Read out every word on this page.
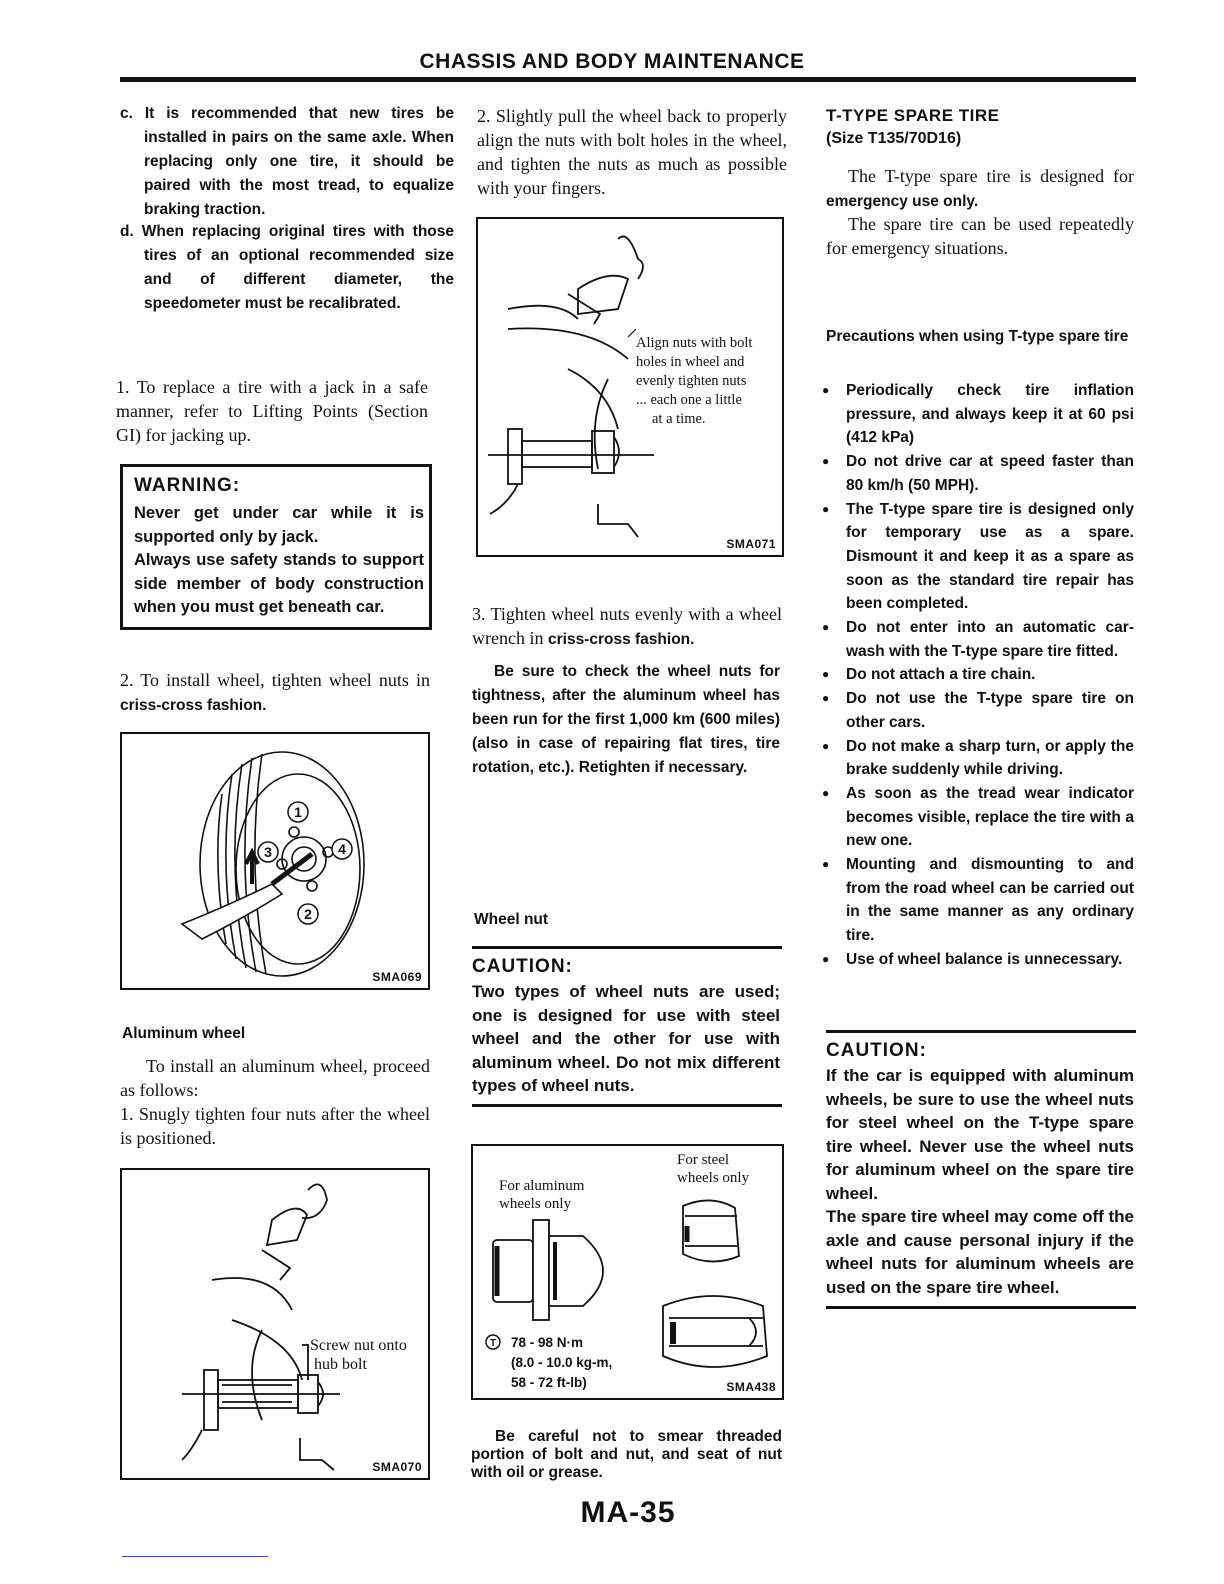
CHASSIS AND BODY MAINTENANCE

c. It is recommended that new tires be installed in pairs on the same axle. When replacing only one tire, it should be paired with the most tread, to equalize braking traction.

d. When replacing original tires with those tires of an optional recommended size and of different diameter, the speedometer must be recalibrated.

1. To replace a tire with a jack in a safe manner, refer to Lifting Points (Section GI) for jacking up.

WARNING:

Never get under car while it is supported only by jack.

Always use safety stands to support side member of body construction when you must get beneath car.

2. To install wheel, tighten wheel nuts in criss-cross fashion.

1
2
3	4
SMA069
Aluminum wheel

To install an aluminum wheel, proceed as follows:

1. Snugly tighten four nuts after the wheel is positioned.

Screw nut onto
hub bolt
SMA070

2. Slightly pull the wheel back to properly align the nuts with bolt holes in the wheel, and tighten the nuts as much as possible with your fingers.

Align nuts with bolt
holes in wheel and
evenly tighten nuts
... each one a little
at a time.
SMA071

3. Tighten wheel nuts evenly with a wheel wrench in criss-cross fashion.

Be sure to check the wheel nuts for tightness, after the aluminum wheel has been run for the first 1,000 km (600 miles) (also in case of repairing flat tires, tire rotation, etc.). Retighten if necessary.

Wheel nut
CAUTION:

Two types of wheel nuts are used; one is designed for use with steel wheel and the other for use with aluminum wheel. Do not mix different types of wheel nuts.

For aluminum
wheels only
For steel
wheels only
T 78 - 98 N·m
(8.0 - 10.0 kg-m,
58 - 72 ft-lb)	SMA438

Be careful not to smear threaded portion of bolt and nut, and seat of nut with oil or grease.

T-TYPE SPARE TIRE
(Size T135/70D16)

The T-type spare tire is designed for emergency use only.

The spare tire can be used repeatedly for emergency situations.

Precautions when using T-type spare tire

● Periodically check tire inflation pressure, and always keep it at 60 psi (412 kPa)

● Do not drive car at speed faster than 80 km/h (50 MPH).

● The T-type spare tire is designed only for temporary use as a spare. Dismount it and keep it as a spare as soon as the standard tire repair has been completed.

● Do not enter into an automatic car-wash with the T-type spare tire fitted.

● Do not attach a tire chain.

● Do not use the T-type spare tire on other cars.

● Do not make a sharp turn, or apply the brake suddenly while driving.

● As soon as the tread wear indicator becomes visible, replace the tire with a new one.

● Mounting and dismounting to and from the road wheel can be carried out in the same manner as any ordinary tire.

● Use of wheel balance is unnecessary.

CAUTION:

If the car is equipped with aluminum wheels, be sure to use the wheel nuts for steel wheel on the T-type spare tire wheel. Never use the wheel nuts for aluminum wheel on the spare tire wheel.

The spare tire wheel may come off the axle and cause personal injury if the wheel nuts for aluminum wheels are used on the spare tire wheel.

MA-35
